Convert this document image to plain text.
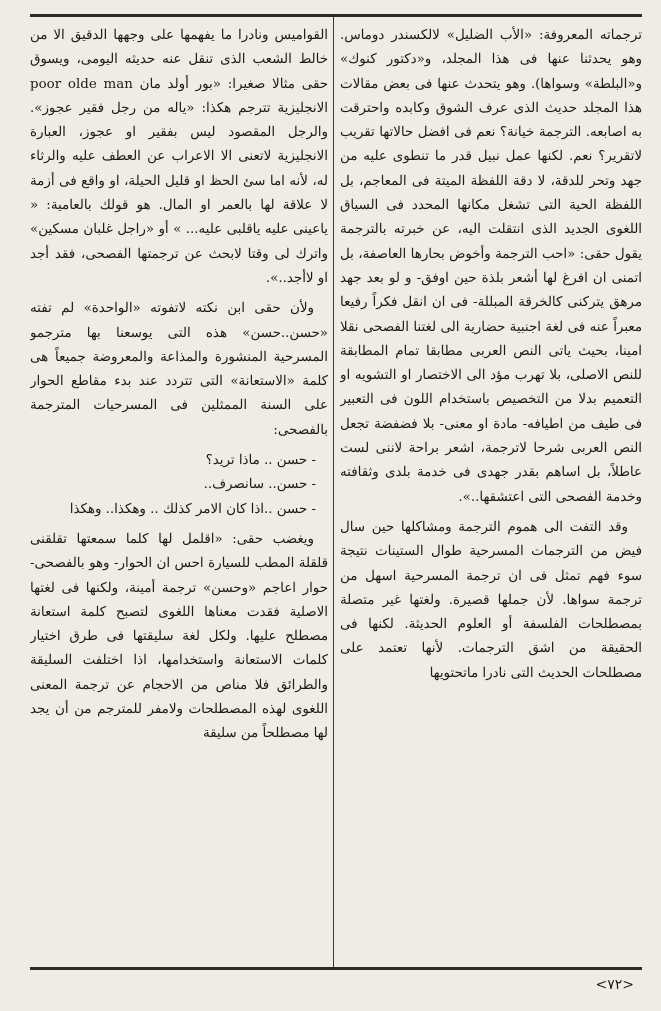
ترجماته المعروفة: «الأب الضليل» لالكسندر دوماس. وهو يحدثنا عنها فى هذا المجلد، و«دكتور كنوك» و«البلطة» وسواها). وهو يتحدث عنها فى بعض مقالات هذا المجلد حديث الذى عرف الشوق وكابده واحترقت به اصابعه. الترجمة خيانة؟ نعم فى افضل حالاتها تقريب لاتقرير؟ نعم. لكنها عمل نبيل قدر ما تنطوى عليه من جهد وتحر للدقة، لا دقة اللفظة الميتة فى المعاجم، بل اللفظة الحية التى تشغل مكانها المحدد فى السياق اللغوى الجديد الذى انتقلت اليه، عن خبرته بالترجمة يقول حقى: «احب الترجمة وأخوض بحارها العاصفة، بل اتمنى ان افرغ لها أشعر بلذة حين اوفق- و لو بعد جهد مرهق يتركنى كالخرقة المبللة- فى ان انقل فكراً رفيعا معبراً عنه فى لغة اجنبية حضارية الى لغتنا الفصحى نقلا امينا، بحيث ياتى النص العربى مطابقا تمام المطابقة للنص الاصلى، بلا تهرب مؤد الى الاختصار او التشويه او التعميم بدلا من التخصيص باستخدام اللون فى التعبير فى طيف من اطيافه- مادة او معنى- بلا فضفضة تجعل النص العربى شرحا لاترجمة، اشعر براحة لاننى لست عاطلاً، بل اساهم بقدر جهدى فى خدمة بلدى وثقافته وخدمة الفصحى التى اعتشقها..».

وقد التفت الى هموم الترجمة ومشاكلها حين سال فيض من الترجمات المسرحية طوال الستينات نتيجة سوء فهم تمثل فى ان ترجمة المسرحية اسهل من ترجمة سواها. لأن جملها قصيرة. ولغتها غير متصلة بمصطلحات الفلسفة أو العلوم الحديثة. لكنها فى الحقيقة من اشق الترجمات. لأنها تعتمد على مصطلحات الحديث التى نادرا ماتحتويها

القواميس ونادرا ما يفهمها على وجهها الدقيق الا من خالط الشعب الذى تنقل عنه حديثه اليومى، ويسوق حقى مثالا صغيرا: «بور أولد مان poor olde man الانجليزية تترجم هكذا: «ياله من رجل فقير عجوز». والرجل المقصود ليس بفقير او عجوز، العبارة الانجليزية لاتعنى الا الاعراب عن العطف عليه والرثاء له، لأنه اما سئ الحظ او قليل الحيلة، او واقع فى أزمة لا علاقة لها بالعمر او المال. هو قولك بالعامية: « ياعينى عليه ياقلبى عليه... » أو «راجل غلبان مسكين» واترك لى وقتا لابحث عن ترجمتها الفصحى، فقد أجد او لاأجد..».

ولأن حقى ابن نكته لاتفوته «الواحدة» لم تفته «حسن..حسن» هذه التى يوسعنا بها مترجمو المسرحية المنشورة والمذاعة والمعروضة جميعاً هى كلمة «الاستعانة» التى تتردد عند بدء مقاطع الحوار على السنة الممثلين فى المسرحيات المترجمة بالفصحى:

- حسن .. ماذا تريد؟

- حسن.. سانصرف..

- حسن ..اذا كان الامر كذلك .. وهكذا.. وهكذا

ويغضب حقى: «اقلمل لها كلما سمعتها تقلقنى قلقلة المطب للسيارة احس ان الحوار- وهو بالفصحى- حوار اعاجم «وحسن» ترجمة أمينة، ولكنها فى لغتها الاصلية فقدت معناها اللغوى لتصبح كلمة استعانة مصطلح عليها. ولكل لغة سليقتها فى طرق اختيار كلمات الاستعانة واستخدامها، اذا اختلفت السليقة والطرائق فلا مناص من الاحجام عن ترجمة المعنى اللغوى لهذه المصطلحات ولامفر للمترجم من أن يجد لها مصطلحاً من سليقة

<٧٢>
